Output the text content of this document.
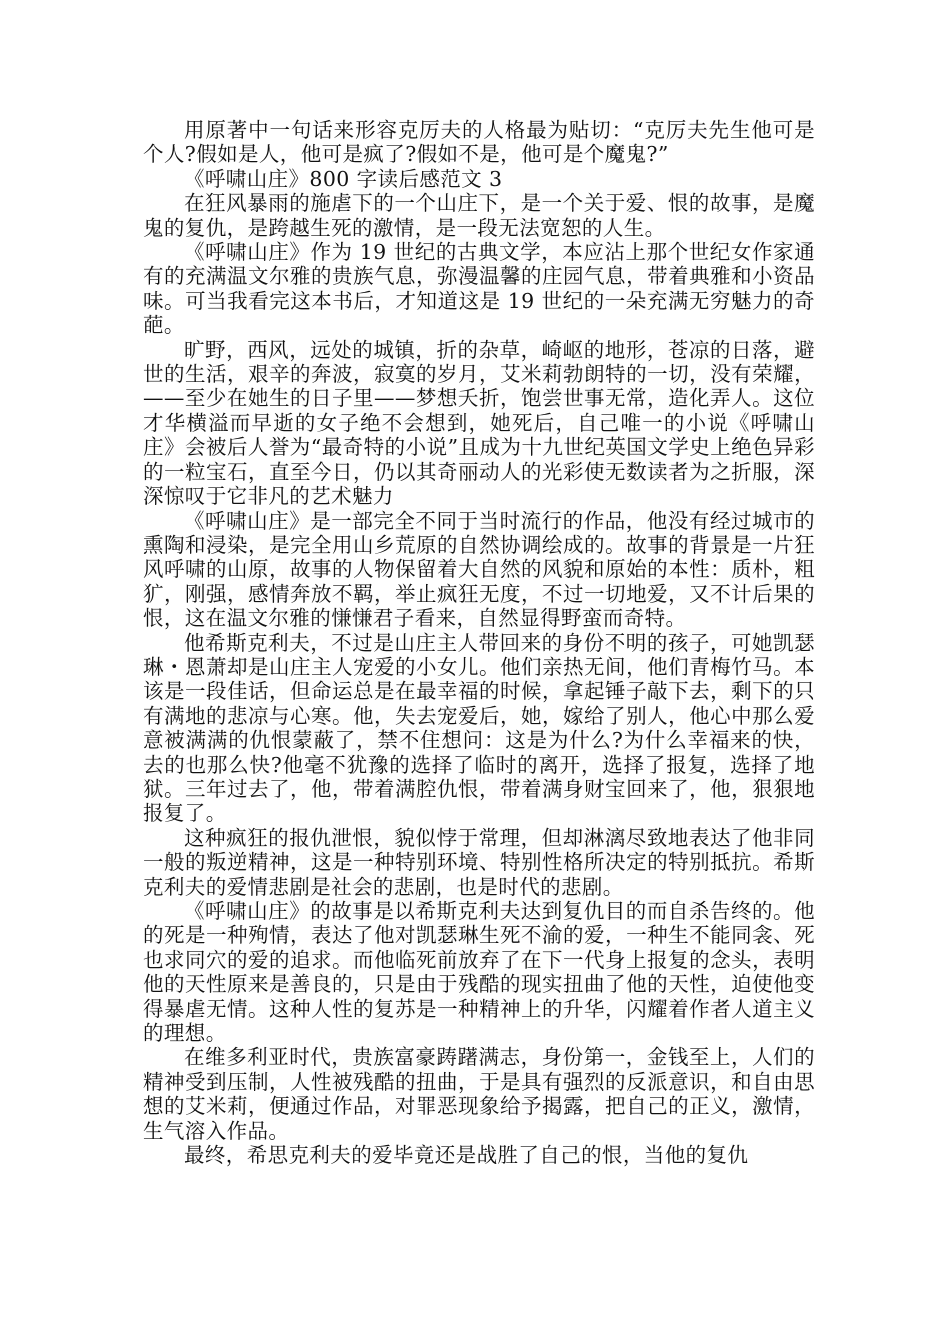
用原著中一句话来形容克厉夫的人格最为贴切：“克厉夫先生他可是个人?假如是人，他可是疯了?假如不是，他可是个魔鬼?”

《呼啸山庄》800 字读后感范文 3

在狂风暴雨的施虐下的一个山庄下，是一个关于爱、恨的故事，是魔鬼的复仇，是跨越生死的激情，是一段无法宽恕的人生。

《呼啸山庄》作为 19 世纪的古典文学，本应沾上那个世纪女作家通有的充满温文尔雅的贵族气息，弥漫温馨的庄园气息，带着典雅和小资品味。可当我看完这本书后，才知道这是 19 世纪的一朵充满无穷魅力的奇葩。

旷野，西风，远处的城镇，折的杂草，崎岖的地形，苍凉的日落，避世的生活，艰辛的奔波，寂寞的岁月，艾米莉勃朗特的一切，没有荣耀，——至少在她生的日子里——梦想夭折，饱尝世事无常，造化弄人。这位才华横溢而早逝的女子绝不会想到，她死后，自己唯一的小说《呼啸山庄》会被后人誉为“最奇特的小说”且成为十九世纪英国文学史上绝色异彩的一粒宝石，直至今日，仍以其奇丽动人的光彩使无数读者为之折服，深深惊叹于它非凡的艺术魅力

《呼啸山庄》是一部完全不同于当时流行的作品，他没有经过城市的熏陶和浸染，是完全用山乡荒原的自然协调绘成的。故事的背景是一片狂风呼啸的山原，故事的人物保留着大自然的风貌和原始的本性：质朴，粗犷，刚强，感情奔放不羁，举止疯狂无度，不过一切地爱，又不计后果的恨，这在温文尔雅的慊慊君子看来，自然显得野蛮而奇特。

他希斯克利夫，不过是山庄主人带回来的身份不明的孩子，可她凯瑟琳・恩萧却是山庄主人宠爱的小女儿。他们亲热无间，他们青梅竹马。本该是一段佳话，但命运总是在最幸福的时候，拿起锤子敲下去，剩下的只有满地的悲凉与心寒。他，失去宠爱后，她，嫁给了别人，他心中那么爱意被满满的仇恨蒙蔽了，禁不住想问：这是为什么?为什么幸福来的快，去的也那么快?他毫不犹豫的选择了临时的离开，选择了报复，选择了地狱。三年过去了，他，带着满腔仇恨，带着满身财宝回来了，他，狠狠地报复了。

这种疯狂的报仇泄恨，貌似悖于常理，但却淋漓尽致地表达了他非同一般的叛逆精神，这是一种特别环境、特别性格所决定的特别抵抗。希斯克利夫的爱情悲剧是社会的悲剧，也是时代的悲剧。

《呼啸山庄》的故事是以希斯克利夫达到复仇目的而自杀告终的。他的死是一种殉情，表达了他对凯瑟琳生死不渝的爱，一种生不能同衾、死也求同穴的爱的追求。而他临死前放弃了在下一代身上报复的念头，表明他的天性原来是善良的，只是由于残酷的现实扭曲了他的天性，迫使他变得暴虐无情。这种人性的复苏是一种精神上的升华，闪耀着作者人道主义的理想。

在维多利亚时代，贵族富豪踌躇满志，身份第一，金钱至上，人们的精神受到压制，人性被残酷的扭曲，于是具有强烈的反派意识，和自由思想的艾米莉，便通过作品，对罪恶现象给予揭露，把自己的正义，激情，生气溶入作品。

最终，希思克利夫的爱毕竟还是战胜了自己的恨，当他的复仇
